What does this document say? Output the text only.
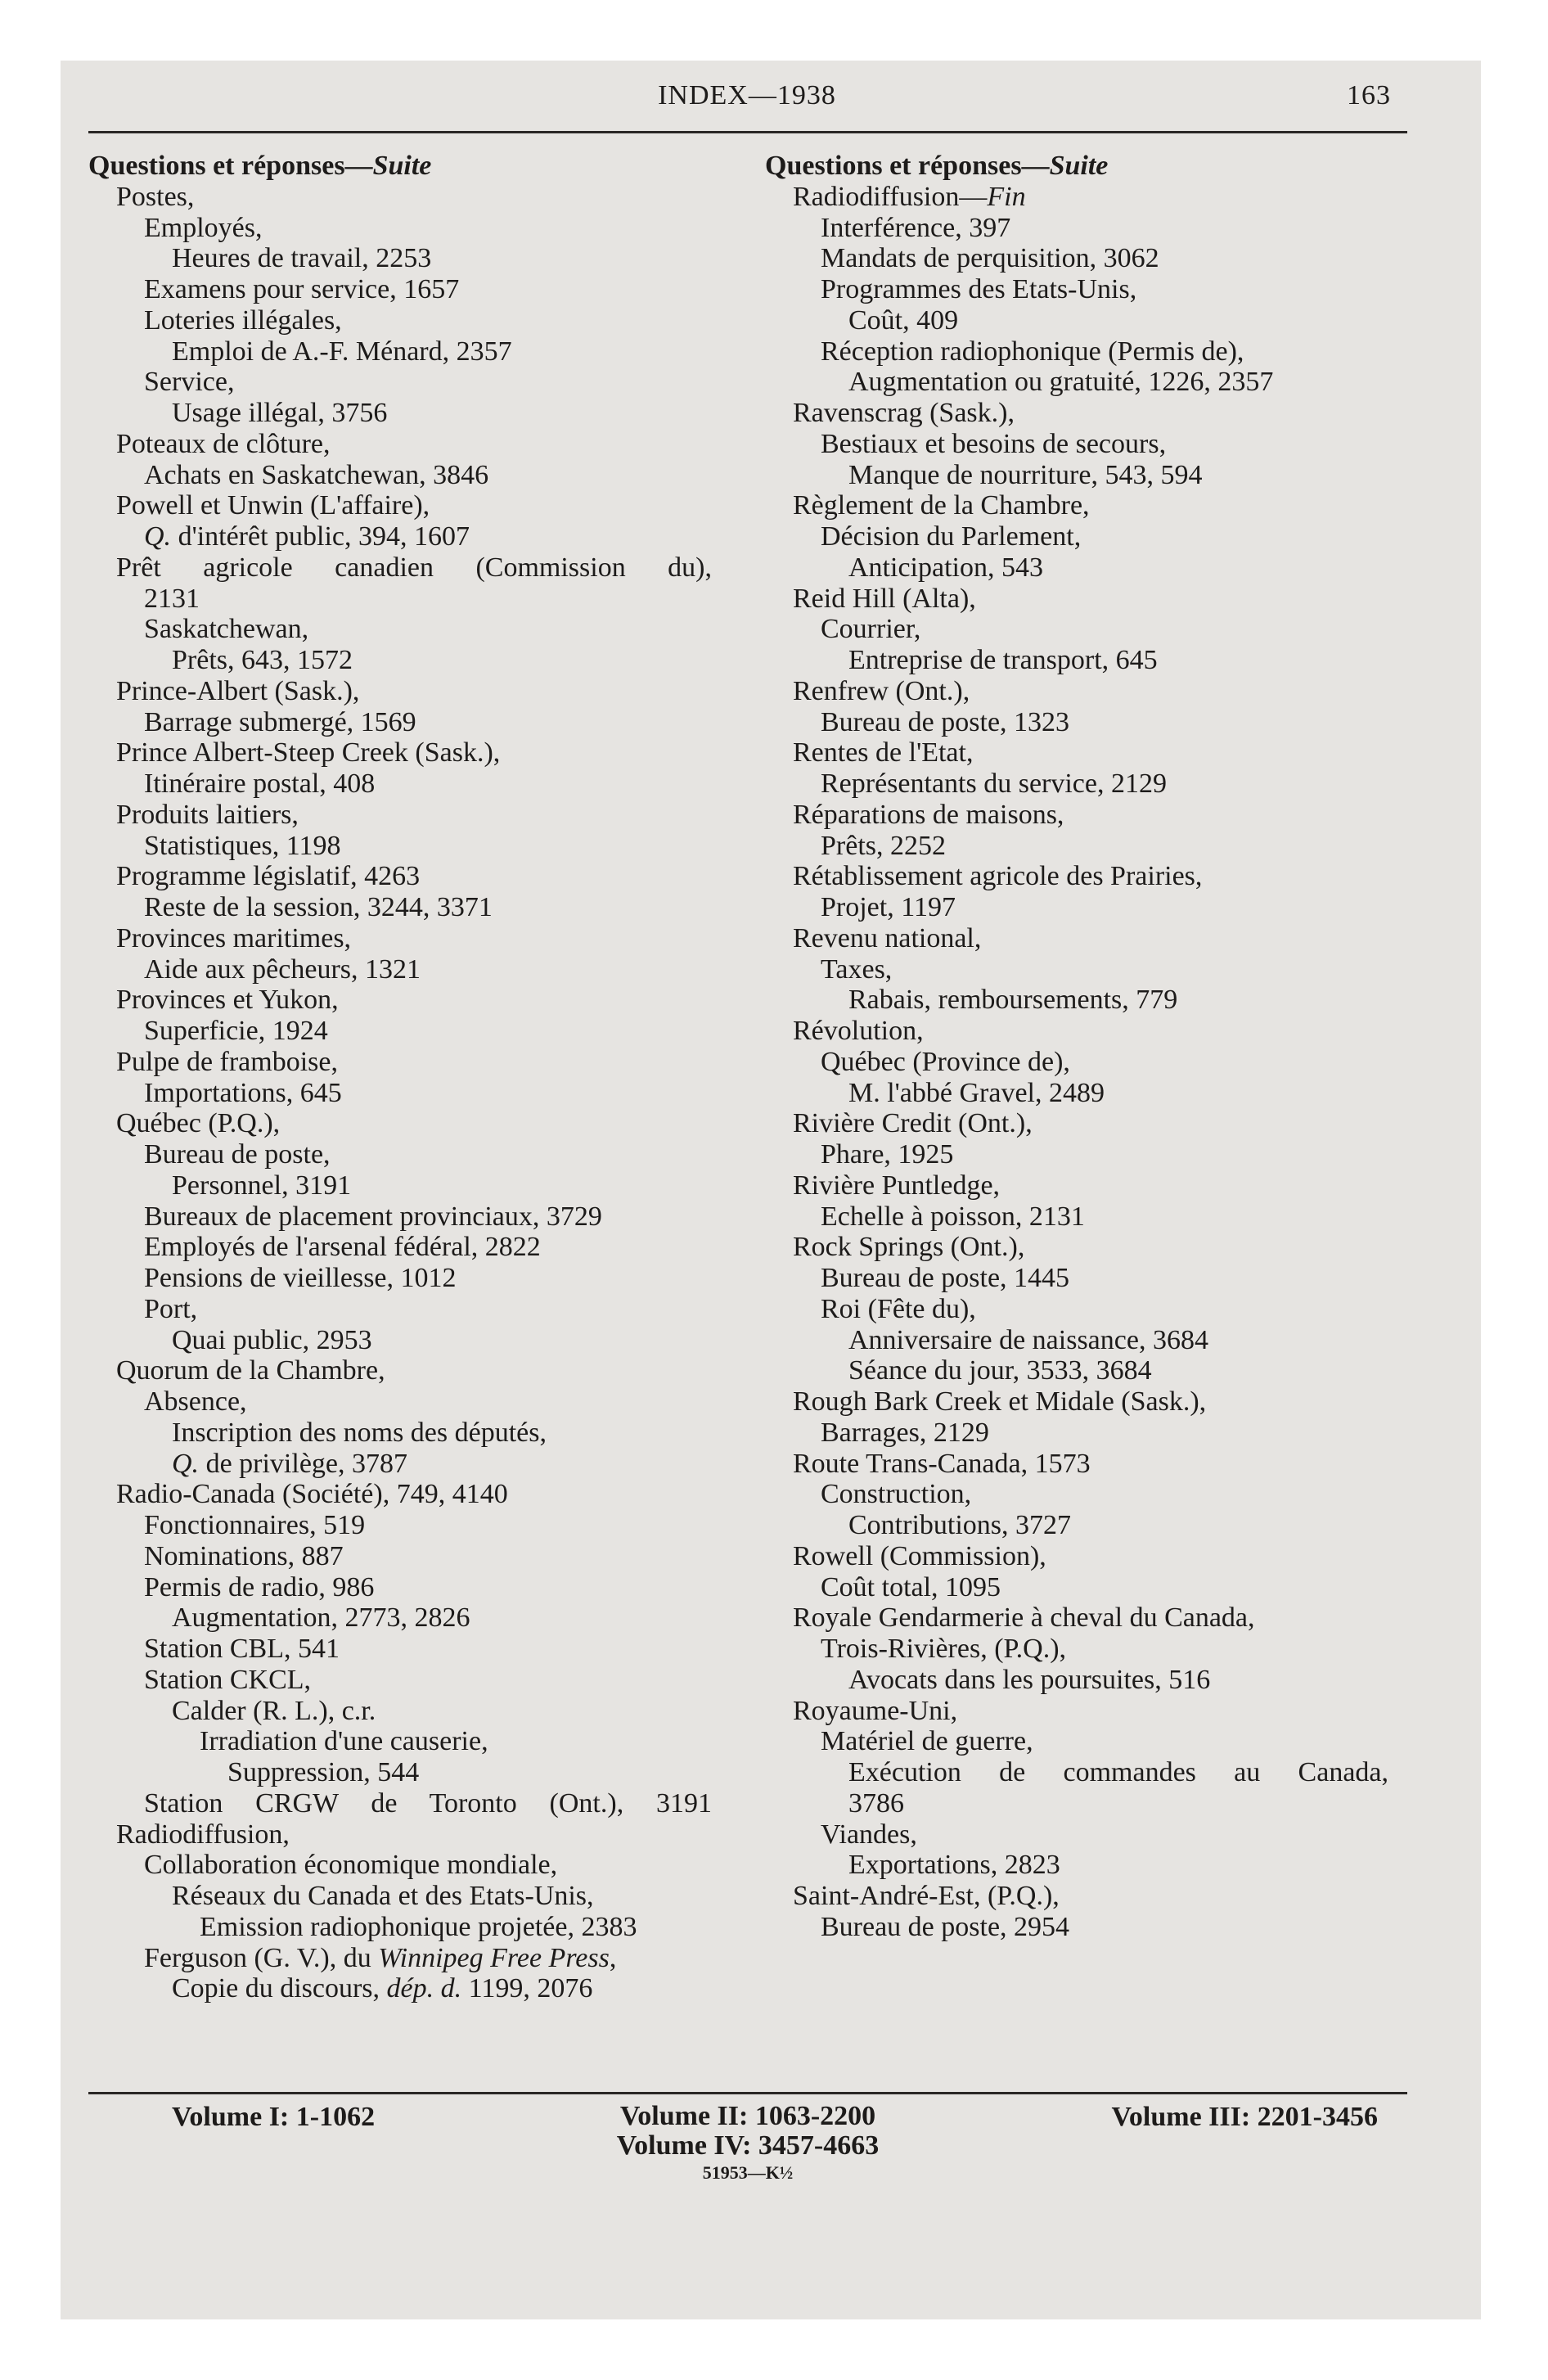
INDEX—1938	163
Questions et réponses—Suite
Postes,
Employés,
Heures de travail, 2253
Examens pour service, 1657
Loteries illégales,
Emploi de A.-F. Ménard, 2357
Service,
Usage illégal, 3756
Poteaux de clôture,
Achats en Saskatchewan, 3846
Powell et Unwin (L'affaire),
Q. d'intérêt public, 394, 1607
Prêt agricole canadien (Commission du),
2131
Saskatchewan,
Prêts, 643, 1572
Prince-Albert (Sask.),
Barrage submergé, 1569
Prince Albert-Steep Creek (Sask.),
Itinéraire postal, 408
Produits laitiers,
Statistiques, 1198
Programme législatif, 4263
Reste de la session, 3244, 3371
Provinces maritimes,
Aide aux pêcheurs, 1321
Provinces et Yukon,
Superficie, 1924
Pulpe de framboise,
Importations, 645
Québec (P.Q.),
Bureau de poste,
Personnel, 3191
Bureaux de placement provinciaux, 3729
Employés de l'arsenal fédéral, 2822
Pensions de vieillesse, 1012
Port,
Quai public, 2953
Quorum de la Chambre,
Absence,
Inscription des noms des députés,
Q. de privilège, 3787
Radio-Canada (Société), 749, 4140
Fonctionnaires, 519
Nominations, 887
Permis de radio, 986
Augmentation, 2773, 2826
Station CBL, 541
Station CKCL,
Calder (R. L.), c.r.
Irradiation d'une causerie,
Suppression, 544
Station CRGW de Toronto (Ont.), 3191
Radiodiffusion,
Collaboration économique mondiale,
Réseaux du Canada et des Etats-Unis,
Emission radiophonique projetée, 2383
Ferguson (G. V.), du Winnipeg Free Press,
Copie du discours, dép. d. 1199, 2076
Questions et réponses—Suite
Radiodiffusion—Fin
Interférence, 397
Mandats de perquisition, 3062
Programmes des Etats-Unis,
Coût, 409
Réception radiophonique (Permis de),
Augmentation ou gratuité, 1226, 2357
Ravenscrag (Sask.),
Bestiaux et besoins de secours,
Manque de nourriture, 543, 594
Règlement de la Chambre,
Décision du Parlement,
Anticipation, 543
Reid Hill (Alta),
Courrier,
Entreprise de transport, 645
Renfrew (Ont.),
Bureau de poste, 1323
Rentes de l'Etat,
Représentants du service, 2129
Réparations de maisons,
Prêts, 2252
Rétablissement agricole des Prairies,
Projet, 1197
Revenu national,
Taxes,
Rabais, remboursements, 779
Révolution,
Québec (Province de),
M. l'abbé Gravel, 2489
Rivière Credit (Ont.),
Phare, 1925
Rivière Puntledge,
Echelle à poisson, 2131
Rock Springs (Ont.),
Bureau de poste, 1445
Roi (Fête du),
Anniversaire de naissance, 3684
Séance du jour, 3533, 3684
Rough Bark Creek et Midale (Sask.),
Barrages, 2129
Route Trans-Canada, 1573
Construction,
Contributions, 3727
Rowell (Commission),
Coût total, 1095
Royale Gendarmerie à cheval du Canada,
Trois-Rivières, (P.Q.),
Avocats dans les poursuites, 516
Royaume-Uni,
Matériel de guerre,
Exécution de commandes au Canada,
3786
Viandes,
Exportations, 2823
Saint-André-Est, (P.Q.),
Bureau de poste, 2954
Volume I: 1-1062	Volume II: 1063-2200
Volume IV: 3457-4663
51953—K½
Volume III: 2201-3456
